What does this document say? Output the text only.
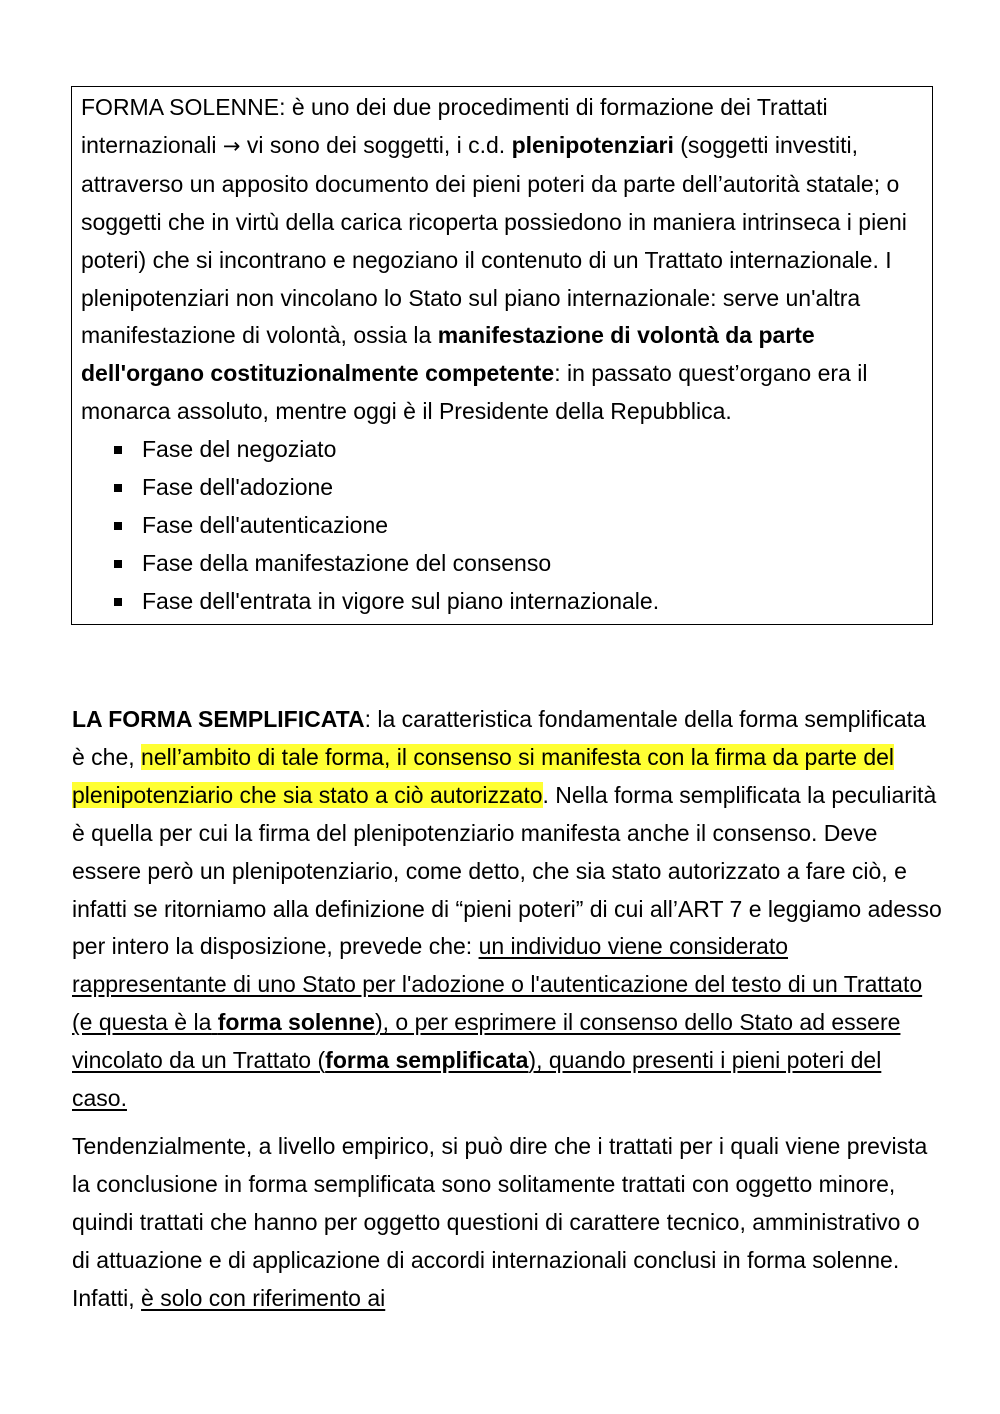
FORMA SOLENNE: è uno dei due procedimenti di formazione dei Trattati internazionali → vi sono dei soggetti, i c.d. plenipotenziari (soggetti investiti, attraverso un apposito documento dei pieni poteri da parte dell’autorità statale; o soggetti che in virtù della carica ricoperta possiedono in maniera intrinseca i pieni poteri) che si incontrano e negoziano il contenuto di un Trattato internazionale. I plenipotenziari non vincolano lo Stato sul piano internazionale: serve un'altra manifestazione di volontà, ossia la manifestazione di volontà da parte dell'organo costituzionalmente competente: in passato quest’organo era il monarca assoluto, mentre oggi è il Presidente della Repubblica.

Fase del negoziato
Fase dell'adozione
Fase dell'autenticazione
Fase della manifestazione del consenso
Fase dell'entrata in vigore sul piano internazionale.

LA FORMA SEMPLIFICATA: la caratteristica fondamentale della forma semplificata è che, nell’ambito di tale forma, il consenso si manifesta con la firma da parte del plenipotenziario che sia stato a ciò autorizzato. Nella forma semplificata la peculiarità è quella per cui la firma del plenipotenziario manifesta anche il consenso. Deve essere però un plenipotenziario, come detto, che sia stato autorizzato a fare ciò, e infatti se ritorniamo alla definizione di “pieni poteri” di cui all’ART 7 e leggiamo adesso per intero la disposizione, prevede che: un individuo viene considerato rappresentante di uno Stato per l'adozione o l'autenticazione del testo di un Trattato (e questa è la forma solenne), o per esprimere il consenso dello Stato ad essere vincolato da un Trattato (forma semplificata), quando presenti i pieni poteri del caso.

Tendenzialmente, a livello empirico, si può dire che i trattati per i quali viene prevista la conclusione in forma semplificata sono solitamente trattati con oggetto minore, quindi trattati che hanno per oggetto questioni di carattere tecnico, amministrativo o di attuazione e di applicazione di accordi internazionali conclusi in forma solenne. Infatti, è solo con riferimento ai
